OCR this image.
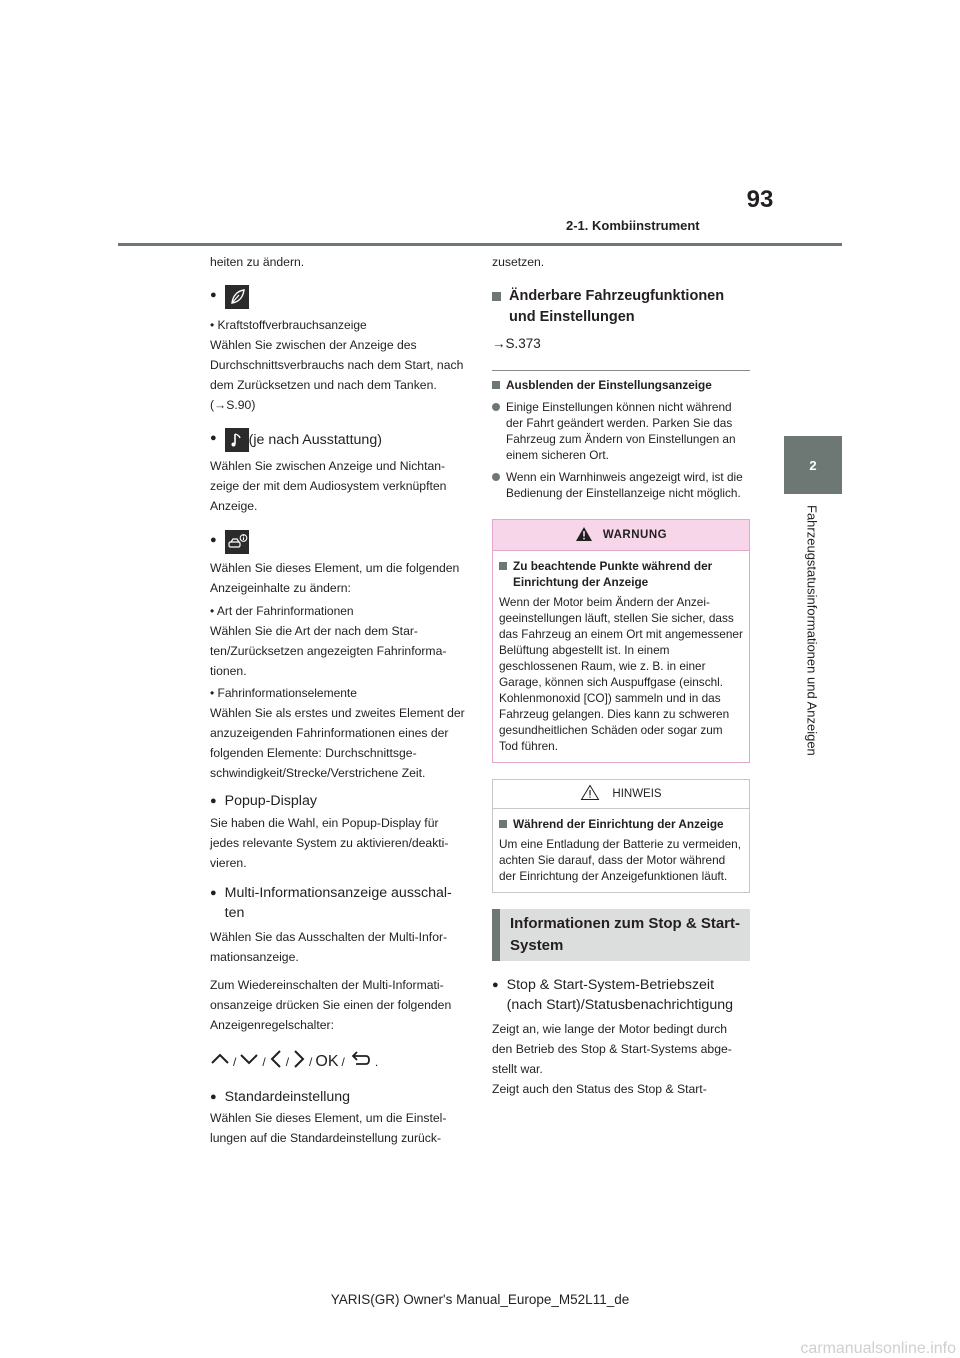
2-1. Kombiinstrument
93
2
Fahrzeugstatusinformationen und Anzeigen

heiten zu ändern.

●

• Kraftstoffverbrauchsanzeige

Wählen Sie zwischen der Anzeige des Durchschnittsverbrauchs nach dem Start, nach dem Zurücksetzen und nach dem Tanken. (→S.90)

●	(je nach Ausstattung)

Wählen Sie zwischen Anzeige und Nichtanzeige der mit dem Audiosystem verknüpften Anzeige.

●

Wählen Sie dieses Element, um die folgenden Anzeigeinhalte zu ändern:

• Art der Fahrinformationen

Wählen Sie die Art der nach dem Starten/Zurücksetzen angezeigten Fahrinformationen.

• Fahrinformationselemente

Wählen Sie als erstes und zweites Element der anzuzeigenden Fahrinformationen eines der folgenden Elemente: Durchschnittsgeschwindigkeit/Strecke/Verstrichene Zeit.

● Popup-Display

Sie haben die Wahl, ein Popup-Display für jedes relevante System zu aktivieren/deaktivieren.

● Multi-Informationsanzeige ausschalten

Wählen Sie das Ausschalten der Multi-Informationsanzeige.

Zum Wiedereinschalten der Multi-Informationsanzeige drücken Sie einen der folgenden Anzeigenregelschalter:

/ / / / OK /	.
● Standardeinstellung

Wählen Sie dieses Element, um die Einstellungen auf die Standardeinstellung zurück-

zusetzen.

Änderbare Fahrzeugfunktionen und Einstellungen

→S.373

Ausblenden der Einstellungsanzeige
Einige Einstellungen können nicht während der Fahrt geändert werden. Parken Sie das Fahrzeug zum Ändern von Einstellungen an einem sicheren Ort.
Wenn ein Warnhinweis angezeigt wird, ist die Bedienung der Einstellanzeige nicht möglich.
WARNUNG
Zu beachtende Punkte während der Einrichtung der Anzeige

Wenn der Motor beim Ändern der Anzeigeeinstellungen läuft, stellen Sie sicher, dass das Fahrzeug an einem Ort mit angemessener Belüftung abgestellt ist. In einem geschlossenen Raum, wie z. B. in einer Garage, können sich Auspuffgase (einschl. Kohlenmonoxid [CO]) sammeln und in das Fahrzeug gelangen. Dies kann zu schweren gesundheitlichen Schäden oder sogar zum Tod führen.

HINWEIS
Während der Einrichtung der Anzeige

Um eine Entladung der Batterie zu vermeiden, achten Sie darauf, dass der Motor während der Einrichtung der Anzeigefunktionen läuft.

Informationen zum Stop & Start-System
● Stop & Start-System-Betriebszeit (nach Start)/Statusbenachrichtigung

Zeigt an, wie lange der Motor bedingt durch den Betrieb des Stop & Start-Systems abgestellt war.

Zeigt auch den Status des Stop & Start-

YARIS(GR) Owner's Manual_Europe_M52L11_de
carmanualsonline.info
